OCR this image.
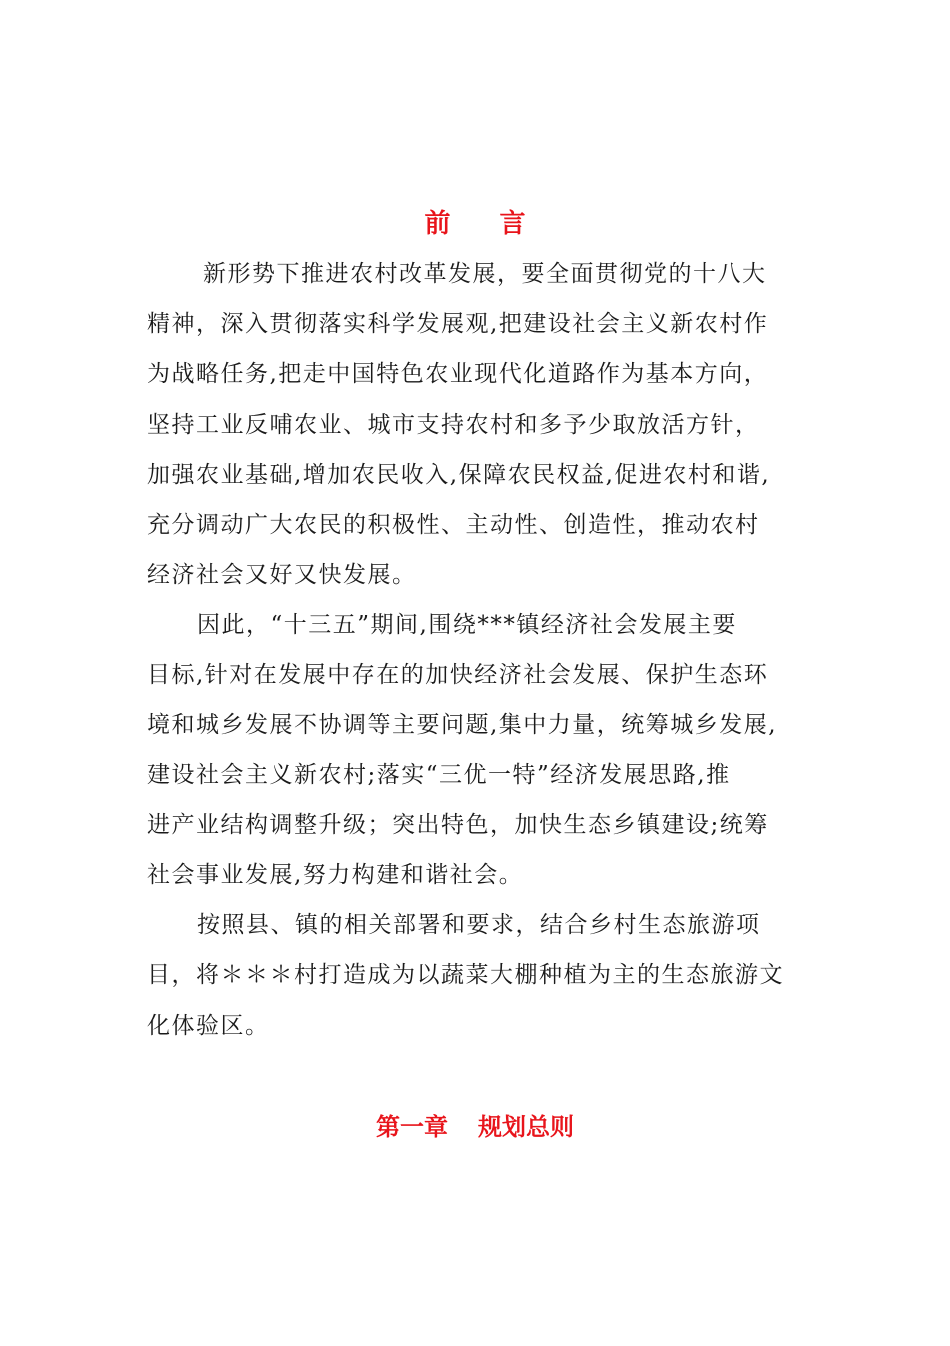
前 言
新形势下推进农村改革发展，要全面贯彻党的十八大
精神，深入贯彻落实科学发展观,把建设社会主义新农村作
为战略任务,把走中国特色农业现代化道路作为基本方向，
坚持工业反哺农业、城市支持农村和多予少取放活方针，
加强农业基础,增加农民收入,保障农民权益,促进农村和谐,
充分调动广大农民的积极性、主动性、创造性，推动农村
经济社会又好又快发展。
因此，“十三五”期间,围绕***镇经济社会发展主要
目标,针对在发展中存在的加快经济社会发展、保护生态环
境和城乡发展不协调等主要问题,集中力量，统筹城乡发展,
建设社会主义新农村;落实“三优一特”经济发展思路,推
进产业结构调整升级；突出特色，加快生态乡镇建设;统筹
社会事业发展,努力构建和谐社会。
按照县、镇的相关部署和要求，结合乡村生态旅游项
目，将＊＊＊村打造成为以蔬菜大棚种植为主的生态旅游文
化体验区。
第一章 规划总则
